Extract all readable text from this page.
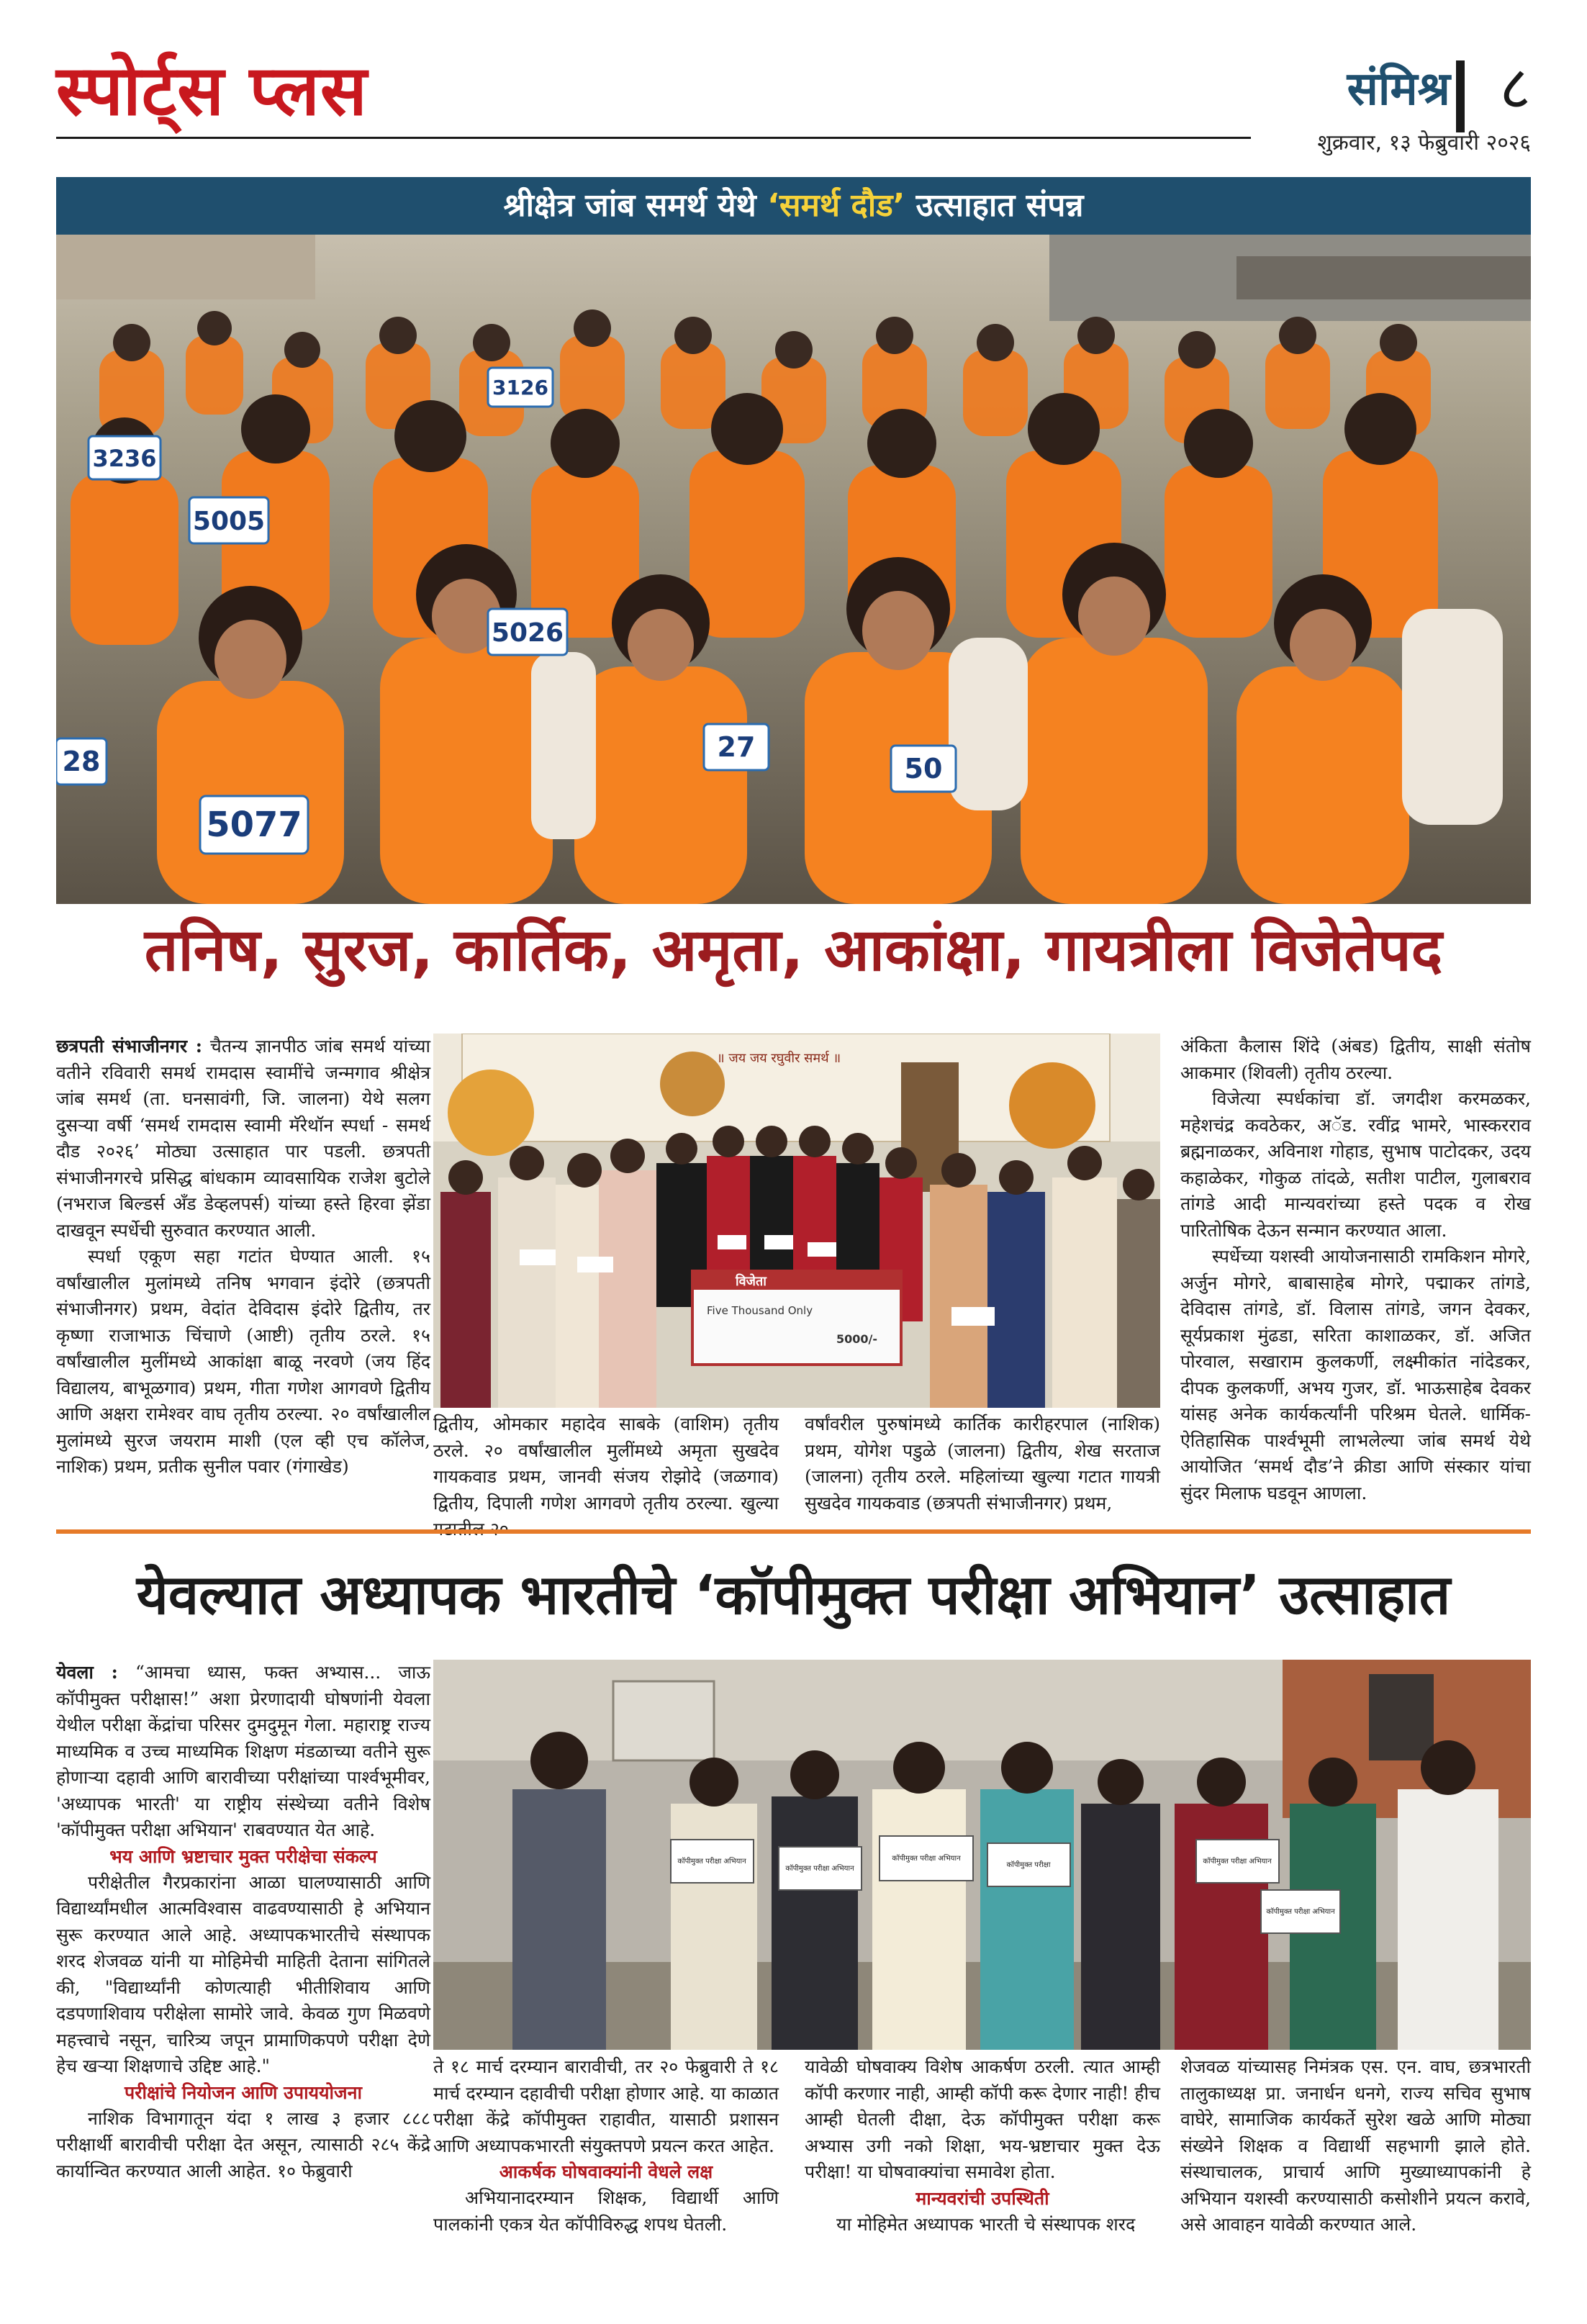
स्पोर्ट्स प्लस	संमिश्र ८
शुक्रवार, १३ फेब्रुवारी २०२६
श्रीक्षेत्र जांब समर्थ येथे ‘समर्थ दौड’ उत्साहात संपन्न
5077
5005
5026
3236
3126
27
28	50
तनिष, सुरज, कार्तिक, अमृता, आकांक्षा, गायत्रीला विजेतेपद

छत्रपती संभाजीनगर : चैतन्य ज्ञानपीठ जांब समर्थ यांच्या वतीने रविवारी समर्थ रामदास स्वामींचे जन्मगाव श्रीक्षेत्र जांब समर्थ (ता. घनसावंगी, जि. जालना) येथे सलग दुसऱ्या वर्षी ‘समर्थ रामदास स्वामी मॅरेथॉन स्पर्धा - समर्थ दौड २०२६’ मोठ्या उत्साहात पार पडली. छत्रपती संभाजीनगरचे प्रसिद्ध बांधकाम व्यावसायिक राजेश बुटोले (नभराज बिल्डर्स अँड डेव्हलपर्स) यांच्या हस्ते हिरवा झेंडा दाखवून स्पर्धेची सुरुवात करण्यात आली.

स्पर्धा एकूण सहा गटांत घेण्यात आली. १५ वर्षांखालील मुलांमध्ये तनिष भगवान इंदोरे (छत्रपती संभाजीनगर) प्रथम, वेदांत देविदास इंदोरे द्वितीय, तर कृष्णा राजाभाऊ चिंचाणे (आष्टी) तृतीय ठरले. १५ वर्षांखालील मुलींमध्ये आकांक्षा बाळू नरवणे (जय हिंद विद्यालय, बाभूळगाव) प्रथम, गीता गणेश आगवणे द्वितीय आणि अक्षरा रामेश्वर वाघ तृतीय ठरल्या. २० वर्षांखालील मुलांमध्ये सुरज जयराम माशी (एल व्ही एच कॉलेज, नाशिक) प्रथम, प्रतीक सुनील पवार (गंगाखेड)

॥ जय जय रघुवीर समर्थ ॥
विजेता
Five Thousand Only
5000/-

द्वितीय, ओमकार महादेव साबके (वाशिम) तृतीय ठरले. २० वर्षांखालील मुलींमध्ये अमृता सुखदेव गायकवाड प्रथम, जानवी संजय रोझोदे (जळगाव) द्वितीय, दिपाली गणेश आगवणे तृतीय ठरल्या. खुल्या

वर्षांवरील पुरुषांमध्ये कार्तिक कारीहरपाल (नाशिक) प्रथम, योगेश पडुळे (जालना) द्वितीय, शेख सरताज (जालना) तृतीय ठरले. महिलांच्या खुल्या गटात गायत्री सुखदेव गायकवाड (छत्रपती संभाजीनगर) प्रथम,

अंकिता कैलास शिंदे (अंबड) द्वितीय, साक्षी संतोष आकमार (शिवली) तृतीय ठरल्या.

विजेत्या स्पर्धकांचा डॉ. जगदीश करमळकर, महेशचंद्र कवठेकर, अॅड. रवींद्र भामरे, भास्करराव ब्रह्मनाळकर, अविनाश गोहाड, सुभाष पाटोदकर, उदय कहाळेकर, गोकुळ तांदळे, सतीश पाटील, गुलाबराव तांगडे आदी मान्यवरांच्या हस्ते पदक व रोख पारितोषिक देऊन सन्मान करण्यात आला.

स्पर्धेच्या यशस्वी आयोजनासाठी रामकिशन मोगरे, अर्जुन मोगरे, बाबासाहेब मोगरे, पद्माकर तांगडे, देविदास तांगडे, डॉ. विलास तांगडे, जगन देवकर, सूर्यप्रकाश मुंढडा, सरिता काशाळकर, डॉ. अजित पोरवाल, सखाराम कुलकर्णी, लक्ष्मीकांत नांदेडकर, दीपक कुलकर्णी, अभय गुजर, डॉ. भाऊसाहेब देवकर यांसह अनेक कार्यकर्त्यांनी परिश्रम घेतले. धार्मिक-ऐतिहासिक पार्श्वभूमी लाभलेल्या जांब समर्थ येथे आयोजित ‘समर्थ दौड’ने क्रीडा आणि संस्कार यांचा सुंदर मिलाफ घडवून आणला.

येवल्यात अध्यापक भारतीचे ‘कॉपीमुक्त परीक्षा अभियान’ उत्साहात

येवला : “आमचा ध्यास, फक्त अभ्यास... जाऊ कॉपीमुक्त परीक्षास!” अशा प्रेरणादायी घोषणांनी येवला येथील परीक्षा केंद्रांचा परिसर दुमदुमून गेला. महाराष्ट्र राज्य माध्यमिक व उच्च माध्यमिक शिक्षण मंडळाच्या वतीने सुरू होणाऱ्या दहावी आणि बारावीच्या परीक्षांच्या पार्श्वभूमीवर, 'अध्यापक भारती' या राष्ट्रीय संस्थेच्या वतीने विशेष 'कॉपीमुक्त परीक्षा अभियान' राबवण्यात येत आहे.

भय आणि भ्रष्टाचार मुक्त परीक्षेचा संकल्प

परीक्षेतील गैरप्रकारांना आळा घालण्यासाठी आणि विद्यार्थ्यांमधील आत्मविश्वास वाढवण्यासाठी हे अभियान सुरू करण्यात आले आहे. अध्यापकभारतीचे संस्थापक शरद शेजवळ यांनी या मोहिमेची माहिती देताना सांगितले की, "विद्यार्थ्यांनी कोणत्याही भीतीशिवाय आणि दडपणाशिवाय परीक्षेला सामोरे जावे. केवळ गुण मिळवणे महत्त्वाचे नसून, चारित्र्य जपून प्रामाणिकपणे परीक्षा देणे हेच खऱ्या शिक्षणाचे उद्दिष्ट आहे."

परीक्षांचे नियोजन आणि उपाययोजना

नाशिक विभागातून यंदा १ लाख ३ हजार ८८८ परीक्षार्थी बारावीची परीक्षा देत असून, त्यासाठी २८५ केंद्रे कार्यान्वित करण्यात आली आहेत. १० फेब्रुवारी

कॉपीमुक्त परीक्षा अभियान
कॉपीमुक्त परीक्षा अभियान
कॉपीमुक्त परीक्षा अभियान
कॉपीमुक्त परीक्षा	कॉपीमुक्त परीक्षा अभियान
कॉपीमुक्त परीक्षा अभियान

ते १८ मार्च दरम्यान बारावीची, तर २० फेब्रुवारी ते १८ मार्च दरम्यान दहावीची परीक्षा होणार आहे. या काळात परीक्षा केंद्रे कॉपीमुक्त राहावीत, यासाठी प्रशासन आणि अध्यापकभारती संयुक्तपणे प्रयत्न करत आहेत.

आकर्षक घोषवाक्यांनी वेधले लक्ष

अभियानादरम्यान शिक्षक, विद्यार्थी आणि पालकांनी एकत्र येत कॉपीविरुद्ध शपथ घेतली.

यावेळी घोषवाक्य विशेष आकर्षण ठरली. त्यात आम्ही कॉपी करणार नाही, आम्ही कॉपी करू देणार नाही! हीच आम्ही घेतली दीक्षा, देऊ कॉपीमुक्त परीक्षा करू अभ्यास उगी नको शिक्षा, भय-भ्रष्टाचार मुक्त देऊ परीक्षा! या घोषवाक्यांचा समावेश होता.

मान्यवरांची उपस्थिती

या मोहिमेत अध्यापक भारती चे संस्थापक शरद

शेजवळ यांच्यासह निमंत्रक एस. एन. वाघ, छत्रभारती तालुकाध्यक्ष प्रा. जनार्धन धनगे, राज्य सचिव सुभाष वाघेरे, सामाजिक कार्यकर्ते सुरेश खळे आणि मोठ्या संख्येने शिक्षक व विद्यार्थी सहभागी झाले होते. संस्थाचालक, प्राचार्य आणि मुख्याध्यापकांनी हे अभियान यशस्वी करण्यासाठी कसोशीने प्रयत्न करावे, असे आवाहन यावेळी करण्यात आले.
